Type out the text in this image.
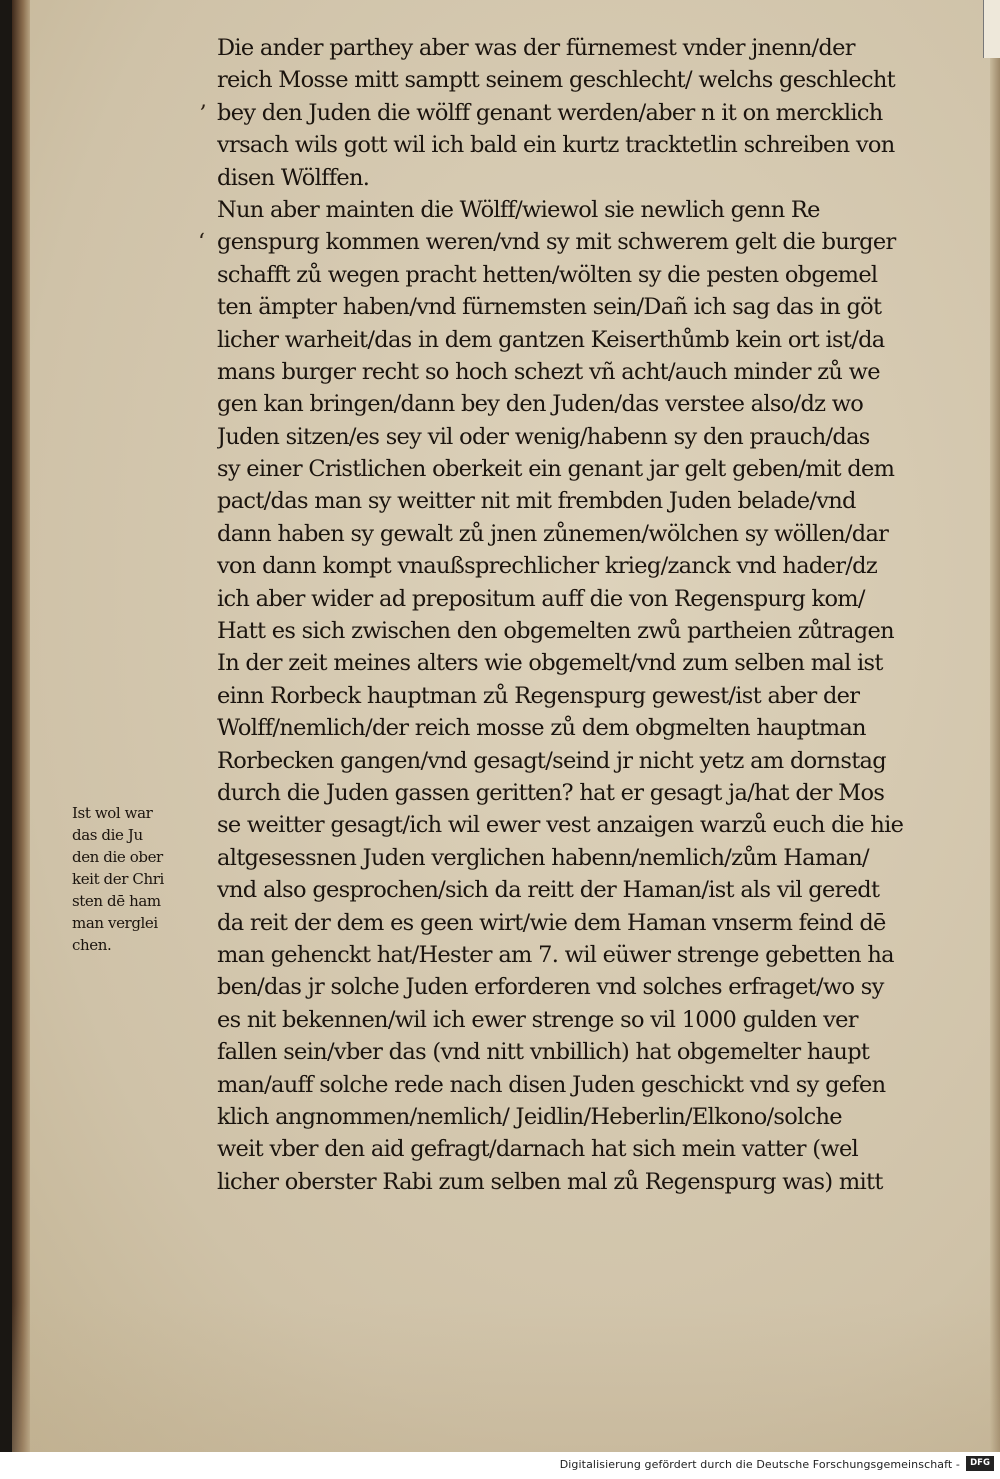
,
‘
Die ander parthey aber was der fürnemest vnder jnenn/der
reich Mosse mitt samptt seinem geschlecht/ welchs geschlecht
bey den Juden die wölff genant werden/aber n it on mercklich
vrsach wils gott wil ich bald ein kurtz tracktetlin schreiben von
disen Wölffen.
Nun aber mainten die Wölff/wiewol sie newlich genn Re
genspurg kommen weren/vnd sy mit schwerem gelt die burger
schafft zů wegen pracht hetten/wölten sy die pesten obgemel
ten ämpter haben/vnd fürnemsten sein/Dañ ich sag das in göt
licher warheit/das in dem gantzen Keiserthůmb kein ort ist/da
mans burger recht so hoch schezt vñ acht/auch minder zů we
gen kan bringen/dann bey den Juden/das verstee also/dz wo
Juden sitzen/es sey vil oder wenig/habenn sy den prauch/das
sy einer Cristlichen oberkeit ein genant jar gelt geben/mit dem
pact/das man sy weitter nit mit frembden Juden belade/vnd
dann haben sy gewalt zů jnen zůnemen/wölchen sy wöllen/dar
von dann kompt vnaußsprechlicher krieg/zanck vnd hader/dz
ich aber wider ad prepositum auff die von Regenspurg kom/
Hatt es sich zwischen den obgemelten zwů partheien zůtragen
In der zeit meines alters wie obgemelt/vnd zum selben mal ist
einn Rorbeck hauptman zů Regenspurg gewest/ist aber der
Wolff/nemlich/der reich mosse zů dem obgmelten hauptman
Rorbecken gangen/vnd gesagt/seind jr nicht yetz am dornstag
durch die Juden gassen geritten? hat er gesagt ja/hat der Mos
se weitter gesagt/ich wil ewer vest anzaigen warzů euch die hie
altgesessnen Juden verglichen habenn/nemlich/zům Haman/
vnd also gesprochen/sich da reitt der Haman/ist als vil geredt
da reit der dem es geen wirt/wie dem Haman vnserm feind dē
man gehenckt hat/Hester am 7. wil eüwer strenge gebetten ha
ben/das jr solche Juden erforderen vnd solches erfraget/wo sy
es nit bekennen/wil ich ewer strenge so vil 1000 gulden ver
fallen sein/vber das (vnd nitt vnbillich) hat obgemelter haupt
man/auff solche rede nach disen Juden geschickt vnd sy gefen
klich angnommen/nemlich/ Jeidlin/Heberlin/Elkono/solche
weit vber den aid gefragt/darnach hat sich mein vatter (wel
licher oberster Rabi zum selben mal zů Regenspurg was) mitt
Ist wol war
das die Ju
den die ober
keit der Chri
sten dē ham
man verglei
chen.
Digitalisierung gefördert durch die Deutsche Forschungsgemeinschaft -	DFG
